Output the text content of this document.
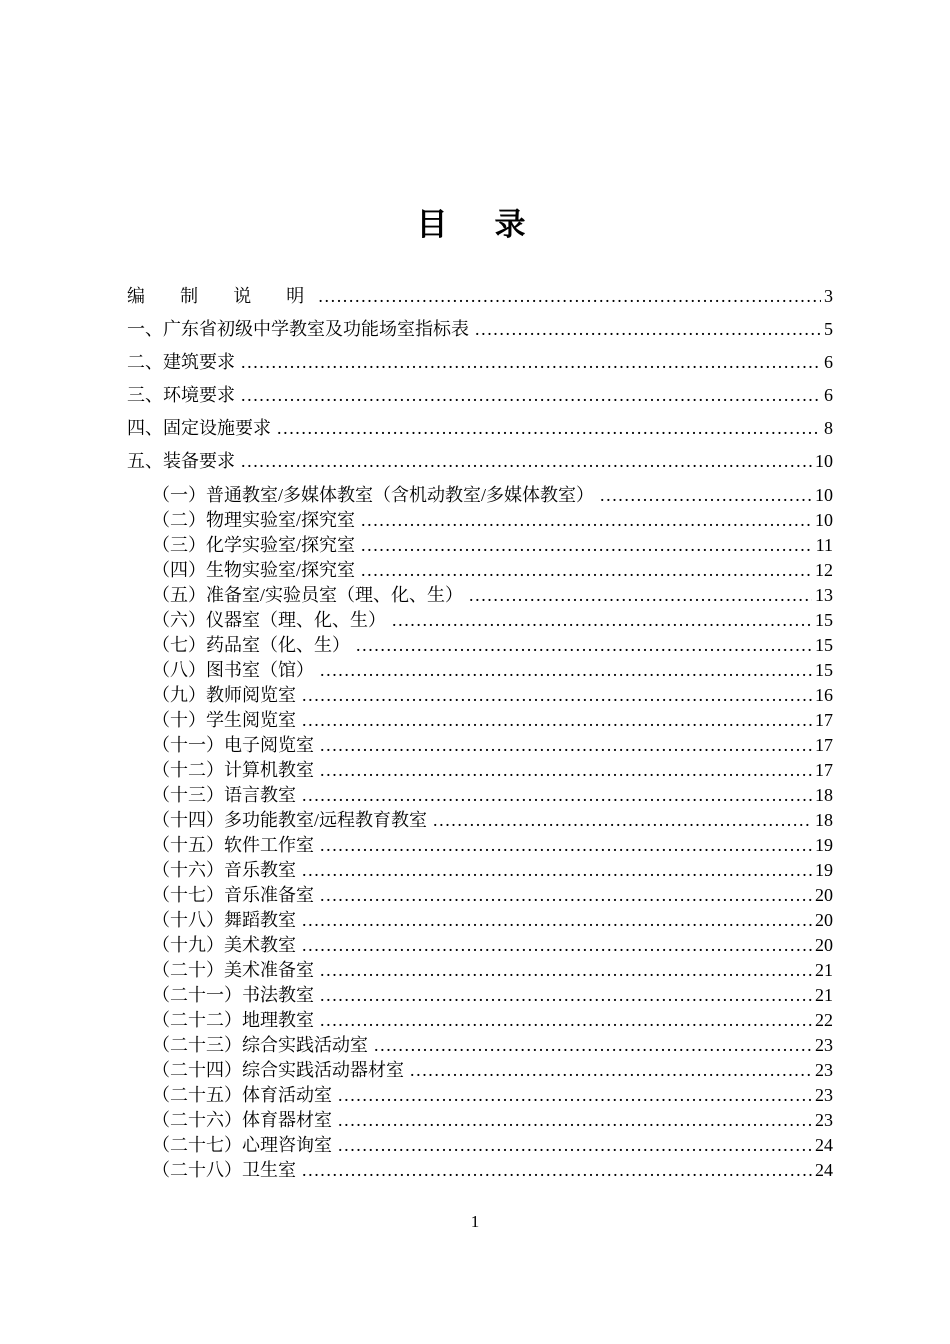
目　录
编制说明 .....	3
一、广东省初级中学教室及功能场室指标表 .....	5
二、建筑要求 .....	6
三、环境要求 .....	6
四、固定设施要求 .....	8
五、装备要求 .....	10
（一）普通教室/多媒体教室（含机动教室/多媒体教室） .....	10
（二）物理实验室/探究室 .....	10
（三）化学实验室/探究室 .....	11
（四）生物实验室/探究室 .....	12
（五）准备室/实验员室（理、化、生） .....	13
（六）仪器室（理、化、生） .....	15
（七）药品室（化、生） .....	15
（八）图书室（馆） .....	15
（九）教师阅览室 .....	16
（十）学生阅览室 .....	17
（十一）电子阅览室 .....	17
（十二）计算机教室 .....	17
（十三）语言教室 .....	18
（十四）多功能教室/远程教育教室 .....	18
（十五）软件工作室 .....	19
（十六）音乐教室 .....	19
（十七）音乐准备室 .....	20
（十八）舞蹈教室 .....	20
（十九）美术教室 .....	20
（二十）美术准备室 .....	21
（二十一）书法教室 .....	21
（二十二）地理教室 .....	22
（二十三）综合实践活动室 .....	23
（二十四）综合实践活动器材室 .....	23
（二十五）体育活动室 .....	23
（二十六）体育器材室 .....	23
（二十七）心理咨询室 .....	24
（二十八）卫生室 .....	24
1
